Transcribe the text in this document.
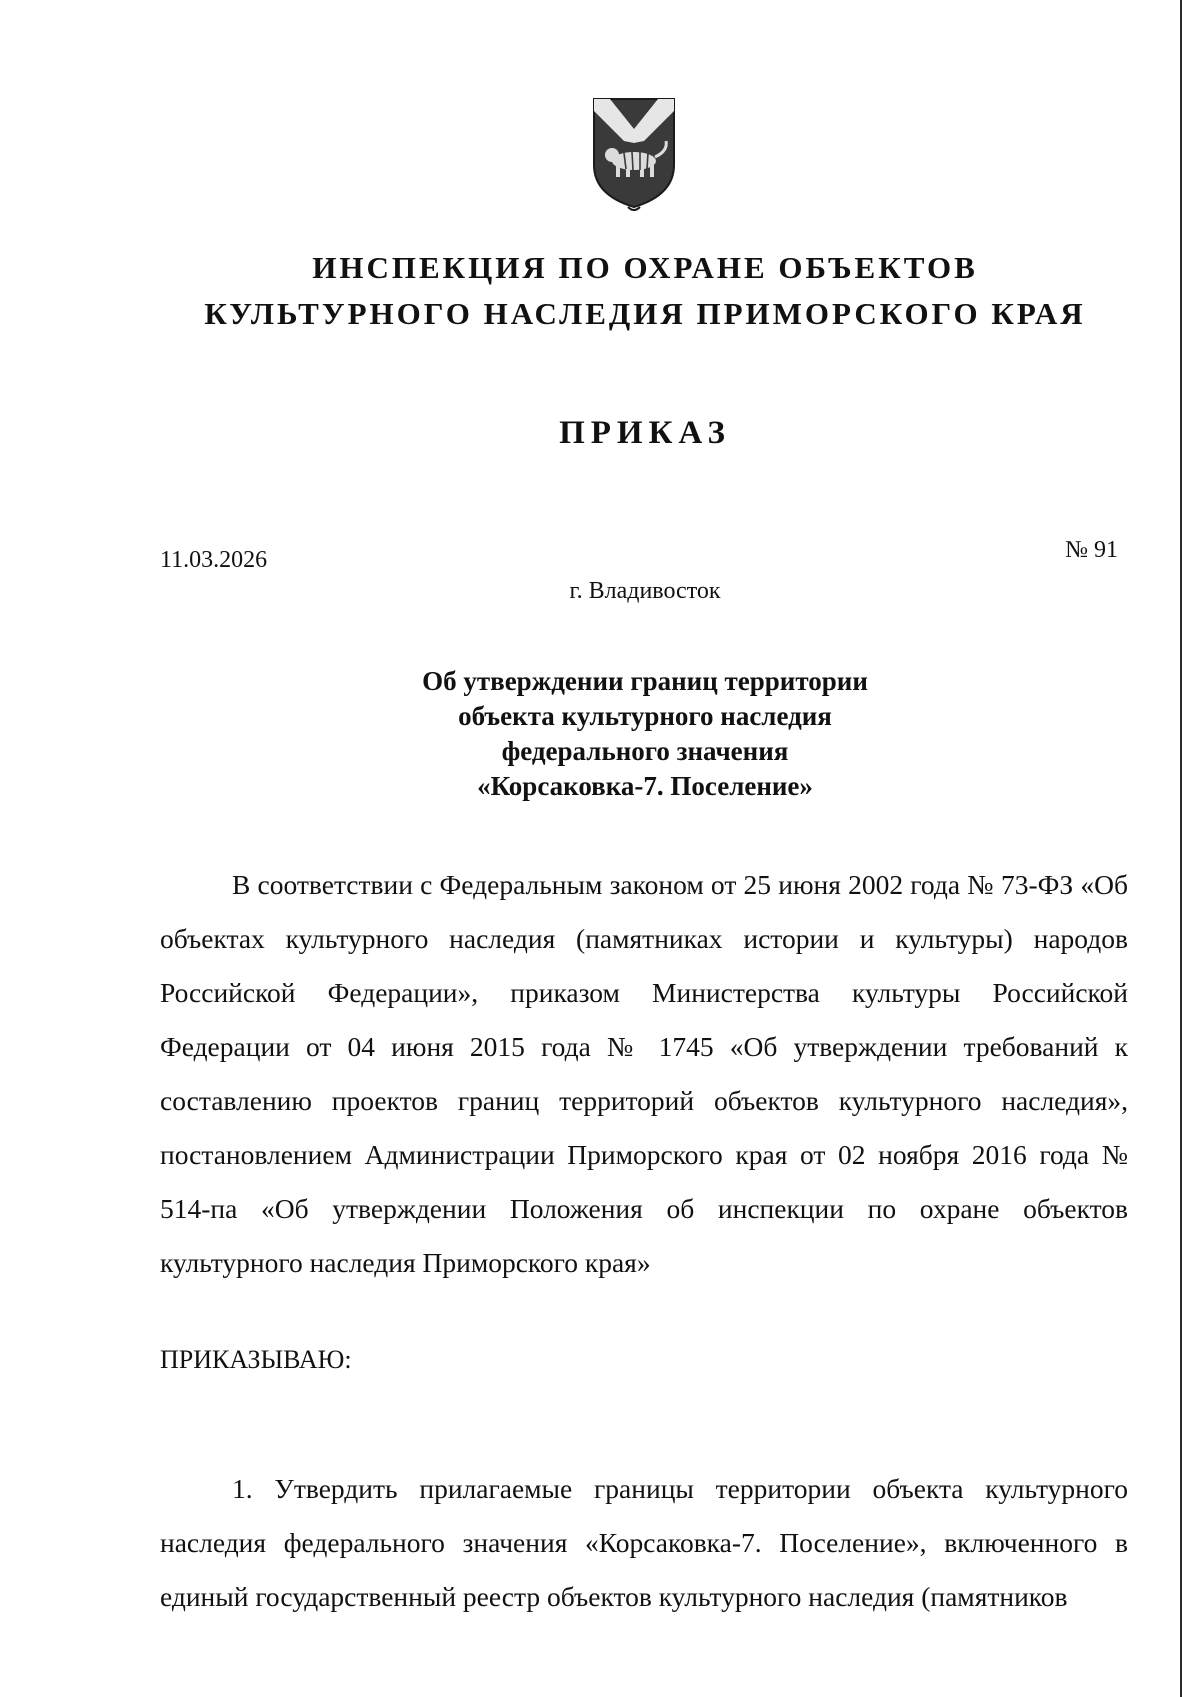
ИНСПЕКЦИЯ ПО ОХРАНЕ ОБЪЕКТОВ
КУЛЬТУРНОГО НАСЛЕДИЯ ПРИМОРСКОГО КРАЯ
ПРИКАЗ
11.03.2026	№ 91
г. Владивосток
Об утверждении границ территории
объекта культурного наследия
федерального значения
«Корсаковка-7. Поселение»

В соответствии с Федеральным законом от 25 июня 2002 года № 73-ФЗ «Об объектах культурного наследия (памятниках истории и культуры) народов Российской Федерации», приказом Министерства культуры Российской Федерации от 04 июня 2015 года № 1745 «Об утверждении требований к составлению проектов границ территорий объектов культурного наследия», постановлением Администрации Приморского края от 02 ноября 2016 года № 514-па «Об утверждении Положения об инспекции по охране объектов культурного наследия Приморского края»

ПРИКАЗЫВАЮ:

1. Утвердить прилагаемые границы территории объекта культурного наследия федерального значения «Корсаковка-7. Поселение», включенного в единый государственный реестр объектов культурного наследия (памятников
